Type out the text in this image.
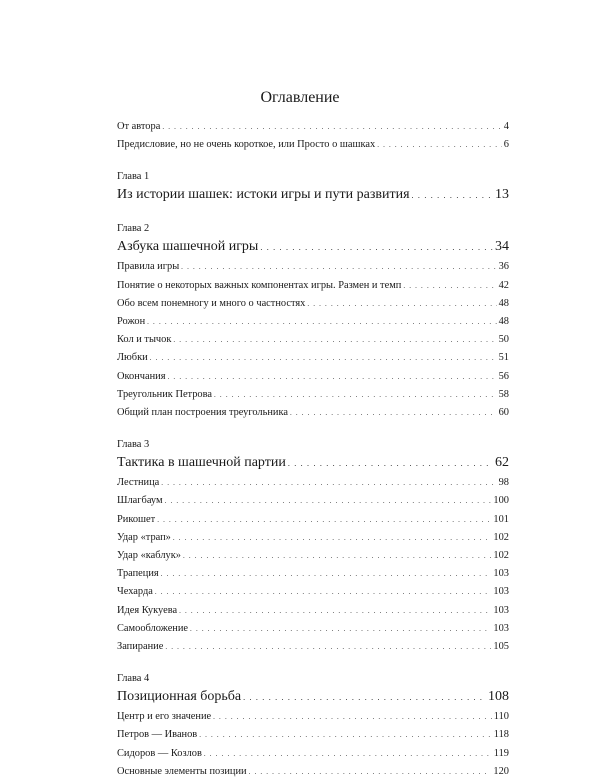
Оглавление
От автора . . .	4
Предисловие, но не очень короткое, или Просто о шашках . . .	6
Глава 1
Из истории шашек: истоки игры и пути развития . . .	13
Глава 2
Азбука шашечной игры . . .	34
Правила игры . . .	36
Понятие о некоторых важных компонентах игры. Размен и темп . . .	42
Обо всем понемногу и много о частностях . . .	48
Рожон . . .	48
Кол и тычок . . .	50
Любки . . .	51
Окончания . . .	56
Треугольник Петрова . . .	58
Общий план построения треугольника . . .	60
Глава 3
Тактика в шашечной партии . . .	62
Лестница . . .	98
Шлагбаум . . .	100
Рикошет . . .	101
Удар «трап» . . .	102
Удар «каблук» . . .	102
Трапеция . . .	103
Чехарда . . .	103
Идея Кукуева . . .	103
Самообложение . . .	103
Запирание . . .	105
Глава 4
Позиционная борьба . . .	108
Центр и его значение . . .	110
Петров — Иванов . . .	118
Сидоров — Козлов . . .	119
Основные элементы позиции . . .	120
